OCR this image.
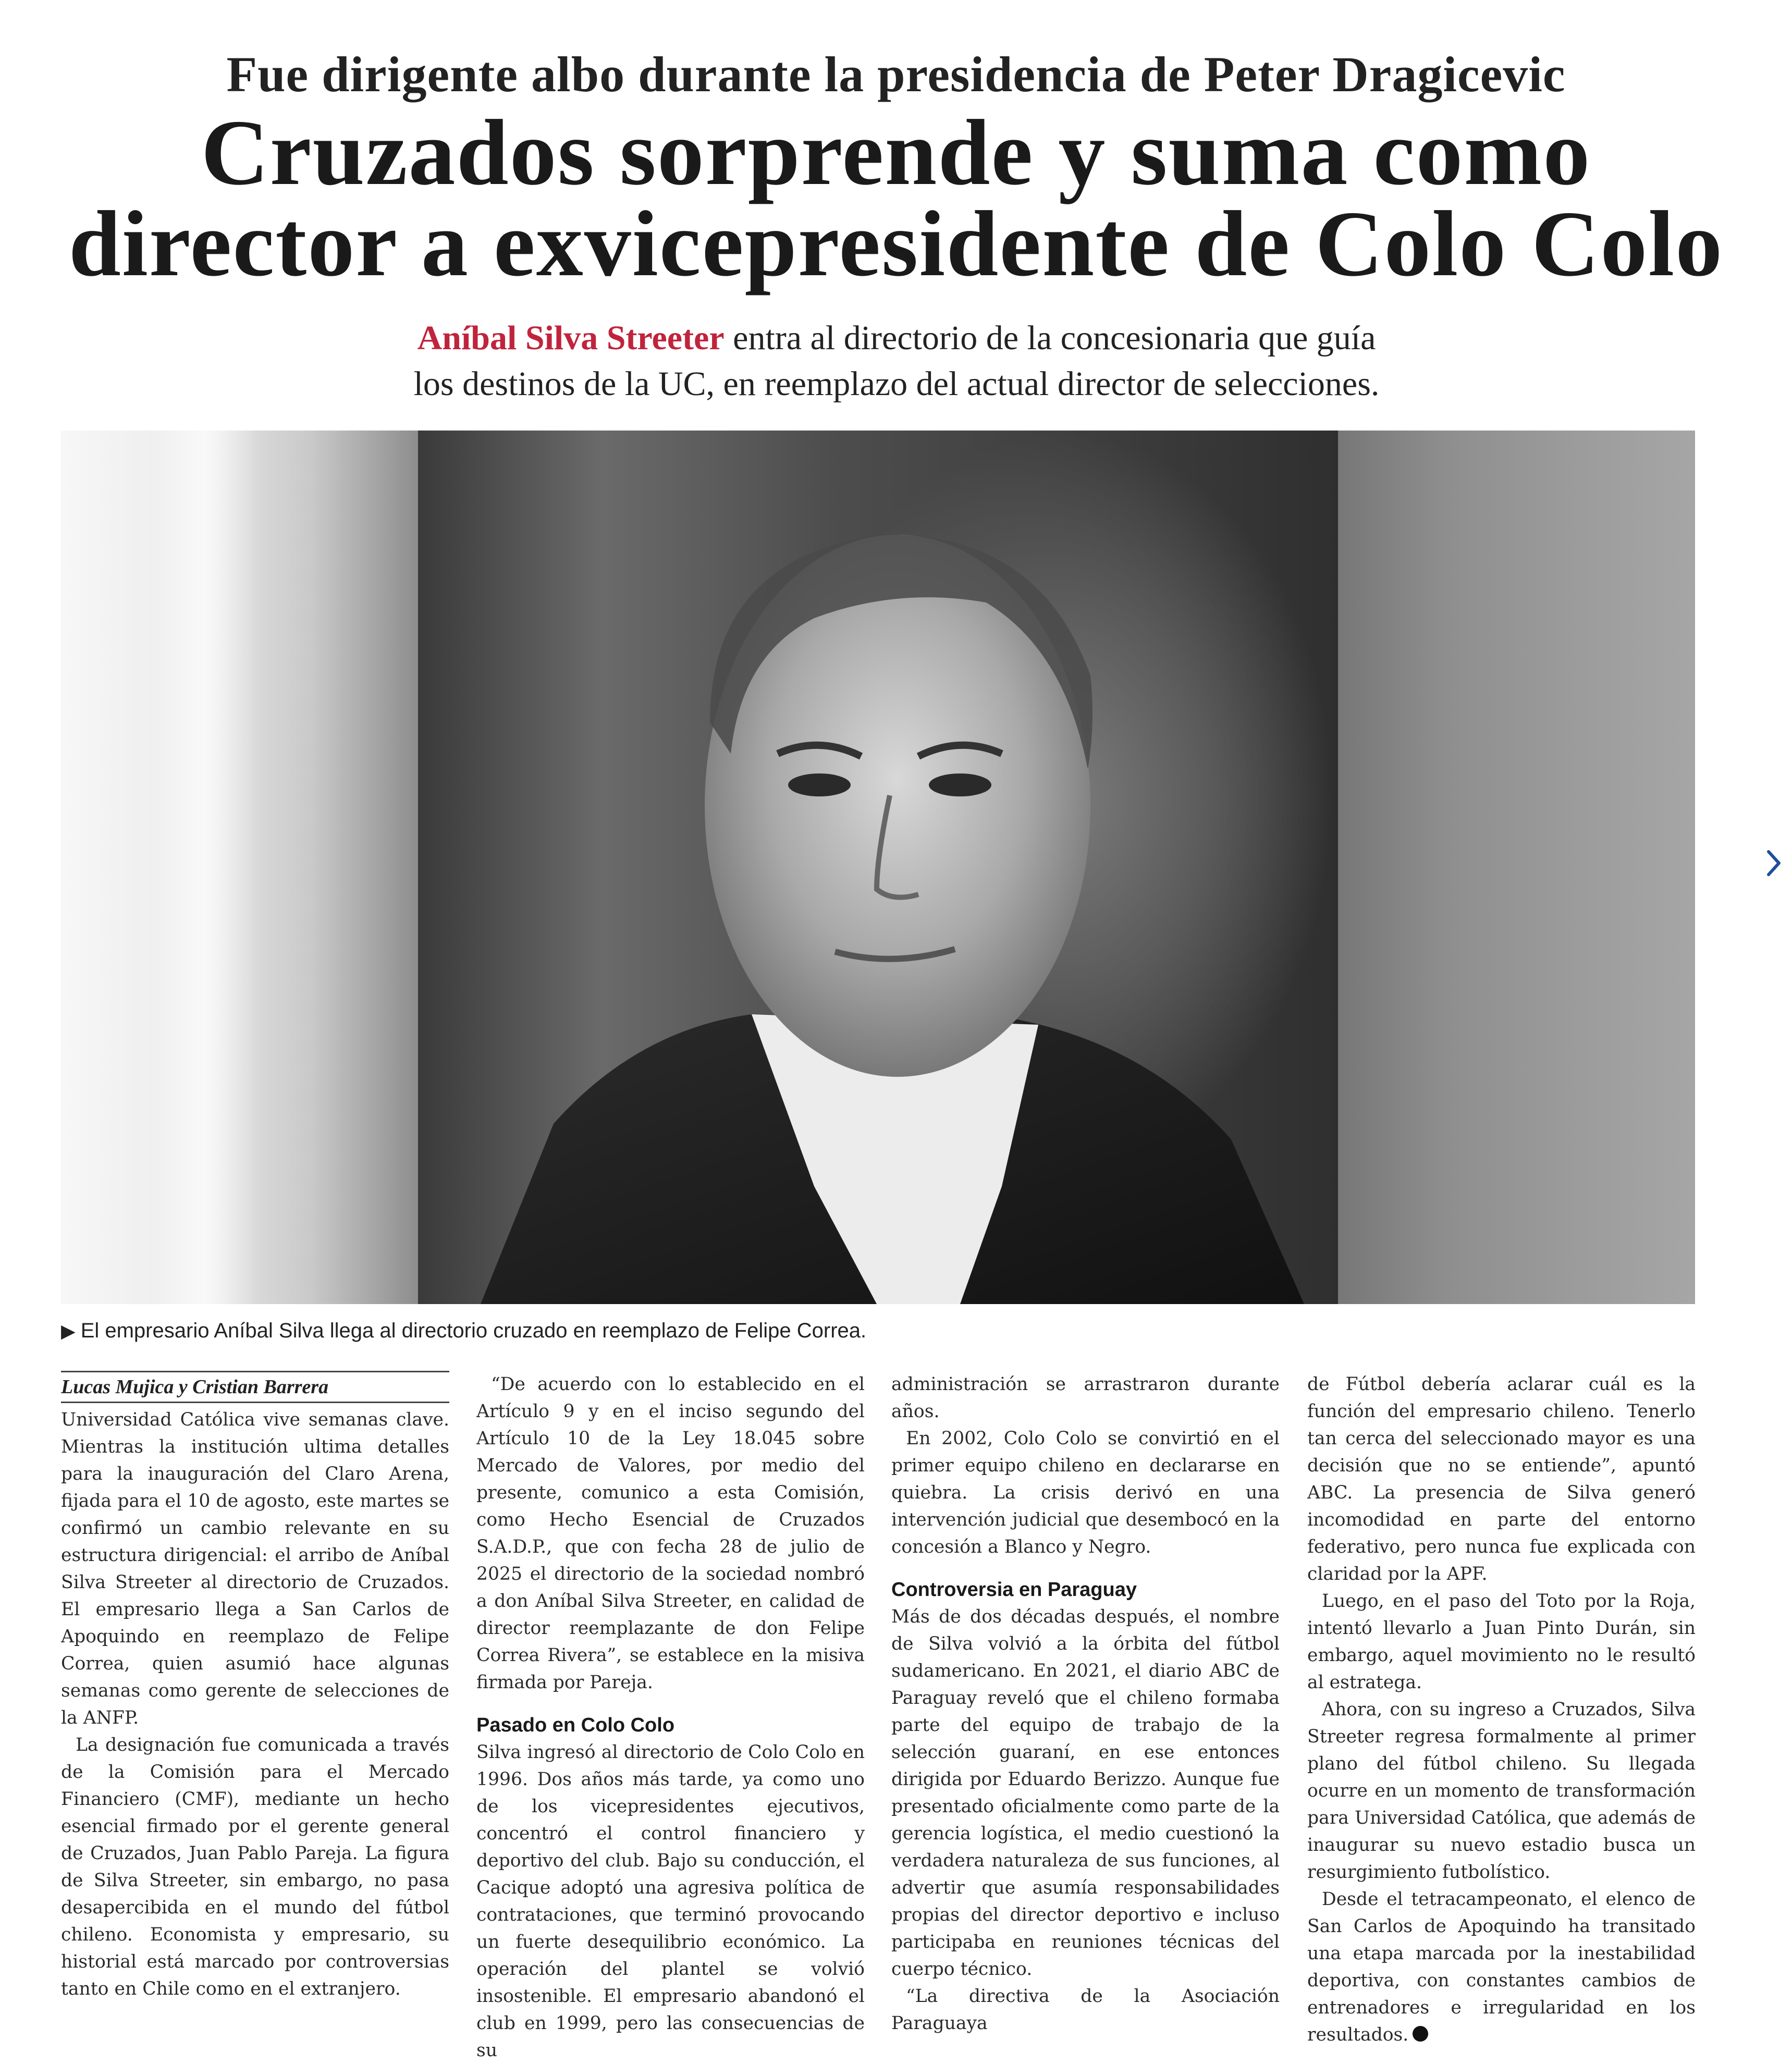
Fue dirigente albo durante la presidencia de Peter Dragicevic
Cruzados sorprende y suma como
director a exvicepresidente de Colo Colo
Aníbal Silva Streeter entra al directorio de la concesionaria que guía
los destinos de la UC, en reemplazo del actual director de selecciones.
▶ El empresario Aníbal Silva llega al directorio cruzado en reemplazo de Felipe Correa.
Lucas Mujica y Cristian Barrera

Universidad Católica vive semanas clave. Mientras la institución ultima detalles para la inauguración del Claro Arena, fijada para el 10 de agosto, este martes se confirmó un cambio relevante en su estructura dirigencial: el arribo de Aníbal Silva Streeter al directorio de Cruzados. El empresario llega a San Carlos de Apoquindo en reemplazo de Felipe Correa, quien asumió hace algunas semanas como gerente de selecciones de la ANFP.

La designación fue comunicada a través de la Comisión para el Mercado Financiero (CMF), mediante un hecho esencial firmado por el gerente general de Cruzados, Juan Pablo Pareja. La figura de Silva Streeter, sin embargo, no pasa desapercibida en el mundo del fútbol chileno. Economista y empresario, su historial está marcado por controversias tanto en Chile como en el extranjero.

“De acuerdo con lo establecido en el Artículo 9 y en el inciso segundo del Artículo 10 de la Ley 18.045 sobre Mercado de Valores, por medio del presente, comunico a esta Comisión, como Hecho Esencial de Cruzados S.A.D.P., que con fecha 28 de julio de 2025 el directorio de la sociedad nombró a don Aníbal Silva Streeter, en calidad de director reemplazante de don Felipe Correa Rivera”, se establece en la misiva firmada por Pareja.

Pasado en Colo Colo

Silva ingresó al directorio de Colo Colo en 1996. Dos años más tarde, ya como uno de los vicepresidentes ejecutivos, concentró el control financiero y deportivo del club. Bajo su conducción, el Cacique adoptó una agresiva política de contrataciones, que terminó provocando un fuerte desequilibrio económico. La operación del plantel se volvió insostenible. El empresario abandonó el club en 1999, pero las consecuencias de su

administración se arrastraron durante años.

En 2002, Colo Colo se convirtió en el primer equipo chileno en declararse en quiebra. La crisis derivó en una intervención judicial que desembocó en la concesión a Blanco y Negro.

Controversia en Paraguay

Más de dos décadas después, el nombre de Silva volvió a la órbita del fútbol sudamericano. En 2021, el diario ABC de Paraguay reveló que el chileno formaba parte del equipo de trabajo de la selección guaraní, en ese entonces dirigida por Eduardo Berizzo. Aunque fue presentado oficialmente como parte de la gerencia logística, el medio cuestionó la verdadera naturaleza de sus funciones, al advertir que asumía responsabilidades propias del director deportivo e incluso participaba en reuniones técnicas del cuerpo técnico.

“La directiva de la Asociación Paraguaya

de Fútbol debería aclarar cuál es la función del empresario chileno. Tenerlo tan cerca del seleccionado mayor es una decisión que no se entiende”, apuntó ABC. La presencia de Silva generó incomodidad en parte del entorno federativo, pero nunca fue explicada con claridad por la APF.

Luego, en el paso del Toto por la Roja, intentó llevarlo a Juan Pinto Durán, sin embargo, aquel movimiento no le resultó al estratega.

Ahora, con su ingreso a Cruzados, Silva Streeter regresa formalmente al primer plano del fútbol chileno. Su llegada ocurre en un momento de transformación para Universidad Católica, que además de inaugurar su nuevo estadio busca un resurgimiento futbolístico.

Desde el tetracampeonato, el elenco de San Carlos de Apoquindo ha transitado una etapa marcada por la inestabilidad deportiva, con constantes cambios de entrenadores e irregularidad en los resultados.
